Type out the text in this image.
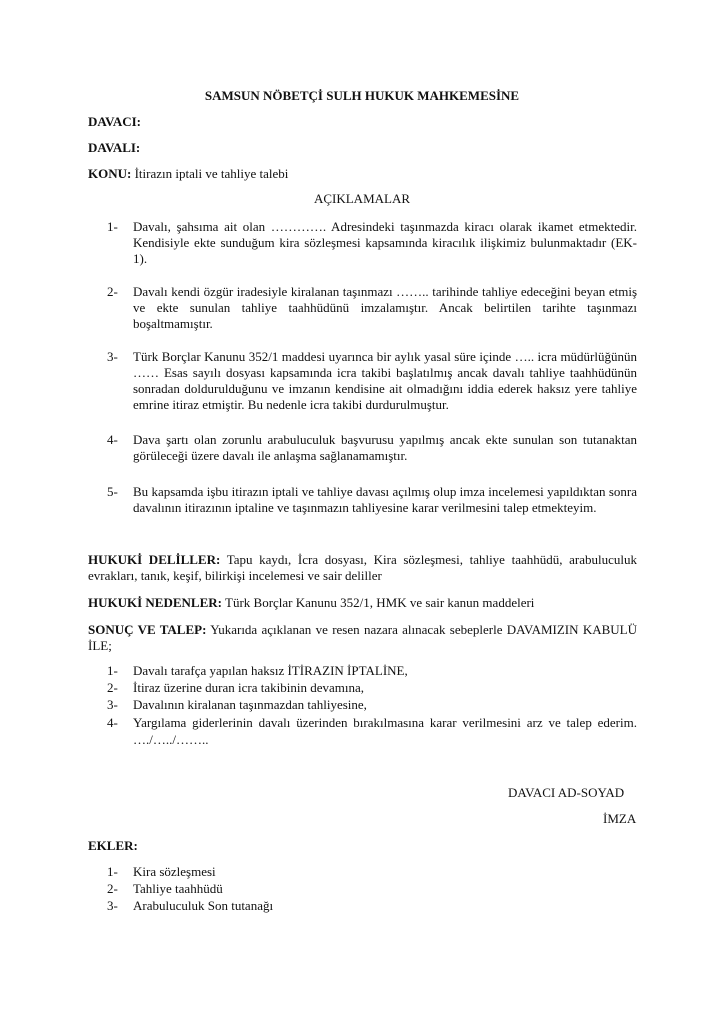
SAMSUN NÖBETÇİ SULH HUKUK MAHKEMESİNE
DAVACI:
DAVALI:
KONU: İtirazın iptali ve tahliye talebi
AÇIKLAMALAR
1- Davalı, şahsıma ait olan …………. Adresindeki taşınmazda kiracı olarak ikamet etmektedir.
Kendisiyle ekte sunduğum kira sözleşmesi kapsamında kiracılık ilişkimiz bulunmaktadır (EK-
1).
2- Davalı kendi özgür iradesiyle kiralanan taşınmazı …….. tarihinde tahliye edeceğini beyan etmiş
ve ekte sunulan tahliye taahhüdünü imzalamıştır. Ancak belirtilen tarihte taşınmazı
boşaltmamıştır.
3- Türk Borçlar Kanunu 352/1 maddesi uyarınca bir aylık yasal süre içinde ….. icra müdürlüğünün
…… Esas sayılı dosyası kapsamında icra takibi başlatılmış ancak davalı tahliye taahhüdünün
sonradan doldurulduğunu ve imzanın kendisine ait olmadığını iddia ederek haksız yere tahliye
emrine itiraz etmiştir. Bu nedenle icra takibi durdurulmuştur.
4- Dava şartı olan zorunlu arabuluculuk başvurusu yapılmış ancak ekte sunulan son tutanaktan
görüleceği üzere davalı ile anlaşma sağlanamamıştır.
5- Bu kapsamda işbu itirazın iptali ve tahliye davası açılmış olup imza incelemesi yapıldıktan sonra
davalının itirazının iptaline ve taşınmazın tahliyesine karar verilmesini talep etmekteyim.
HUKUKİ DELİLLER: Tapu kaydı, İcra dosyası, Kira sözleşmesi, tahliye taahhüdü, arabuluculuk
evrakları, tanık, keşif, bilirkişi incelemesi ve sair deliller
HUKUKİ NEDENLER: Türk Borçlar Kanunu 352/1, HMK ve sair kanun maddeleri
SONUÇ VE TALEP: Yukarıda açıklanan ve resen nazara alınacak sebeplerle DAVAMIZIN KABULÜ
İLE;
1- Davalı tarafça yapılan haksız İTİRAZIN İPTALİNE,
2- İtiraz üzerine duran icra takibinin devamına,
3- Davalının kiralanan taşınmazdan tahliyesine,
4- Yargılama giderlerinin davalı üzerinden bırakılmasına karar verilmesini arz ve talep ederim.
…./…../……..
DAVACI AD-SOYAD
İMZA
EKLER:
1- Kira sözleşmesi
2- Tahliye taahhüdü
3- Arabuluculuk Son tutanağı
